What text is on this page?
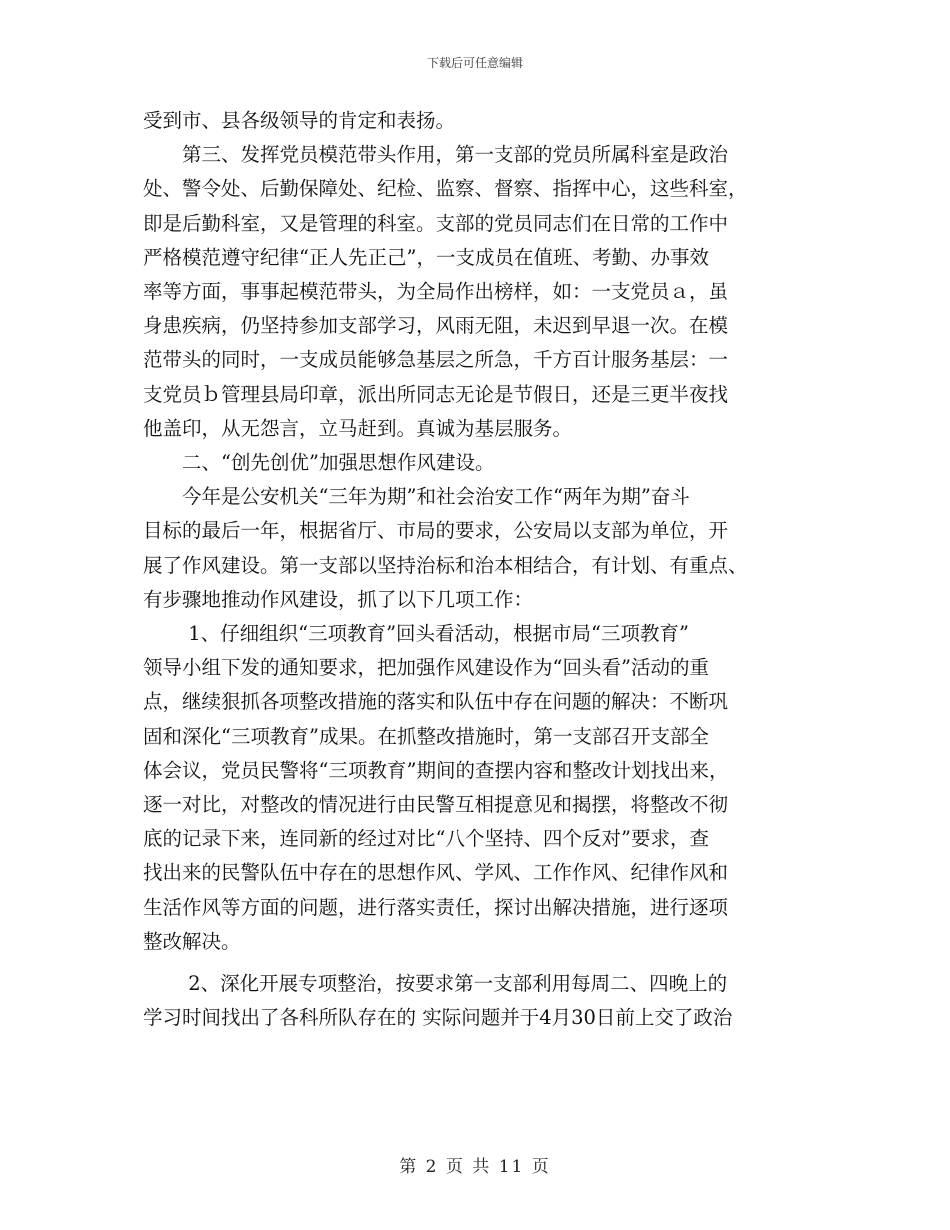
下载后可任意编辑
受到市、县各级领导的肯定和表扬。
　　第三、发挥党员模范带头作用，第一支部的党员所属科室是政治
处、警令处、后勤保障处、纪检、监察、督察、指挥中心，这些科室，
即是后勤科室，又是管理的科室。支部的党员同志们在日常的工作中
严格模范遵守纪律“正人先正己”，一支成员在值班、考勤、办事效
率等方面，事事起模范带头，为全局作出榜样，如：一支党员ａ，虽
身患疾病，仍坚持参加支部学习，风雨无阻，未迟到早退一次。在模
范带头的同时，一支成员能够急基层之所急，千方百计服务基层：一
支党员ｂ管理县局印章，派出所同志无论是节假日，还是三更半夜找
他盖印，从无怨言，立马赶到。真诚为基层服务。
　　二、“创先创优”加强思想作风建设。
　　今年是公安机关“三年为期”和社会治安工作“两年为期”奋斗
目标的最后一年，根据省厅、市局的要求，公安局以支部为单位，开
展了作风建设。第一支部以坚持治标和治本相结合，有计划、有重点、
有步骤地推动作风建设，抓了以下几项工作：
　　 1、仔细组织“三项教育”回头看活动，根据市局“三项教育”
领导小组下发的通知要求，把加强作风建设作为“回头看”活动的重
点，继续狠抓各项整改措施的落实和队伍中存在问题的解决：不断巩
固和深化“三项教育”成果。在抓整改措施时，第一支部召开支部全
体会议，党员民警将“三项教育”期间的查摆内容和整改计划找出来，
逐一对比，对整改的情况进行由民警互相提意见和揭摆，将整改不彻
底的记录下来，连同新的经过对比“八个坚持、四个反对”要求，查
找出来的民警队伍中存在的思想作风、学风、工作作风、纪律作风和
生活作风等方面的问题，进行落实责任，探讨出解决措施，进行逐项
整改解决。
　　 2、深化开展专项整治，按要求第一支部利用每周二、四晚上的
学习时间找出了各科所队存在的 实际问题并于4月30日前上交了政治
第 2 页 共 11 页
